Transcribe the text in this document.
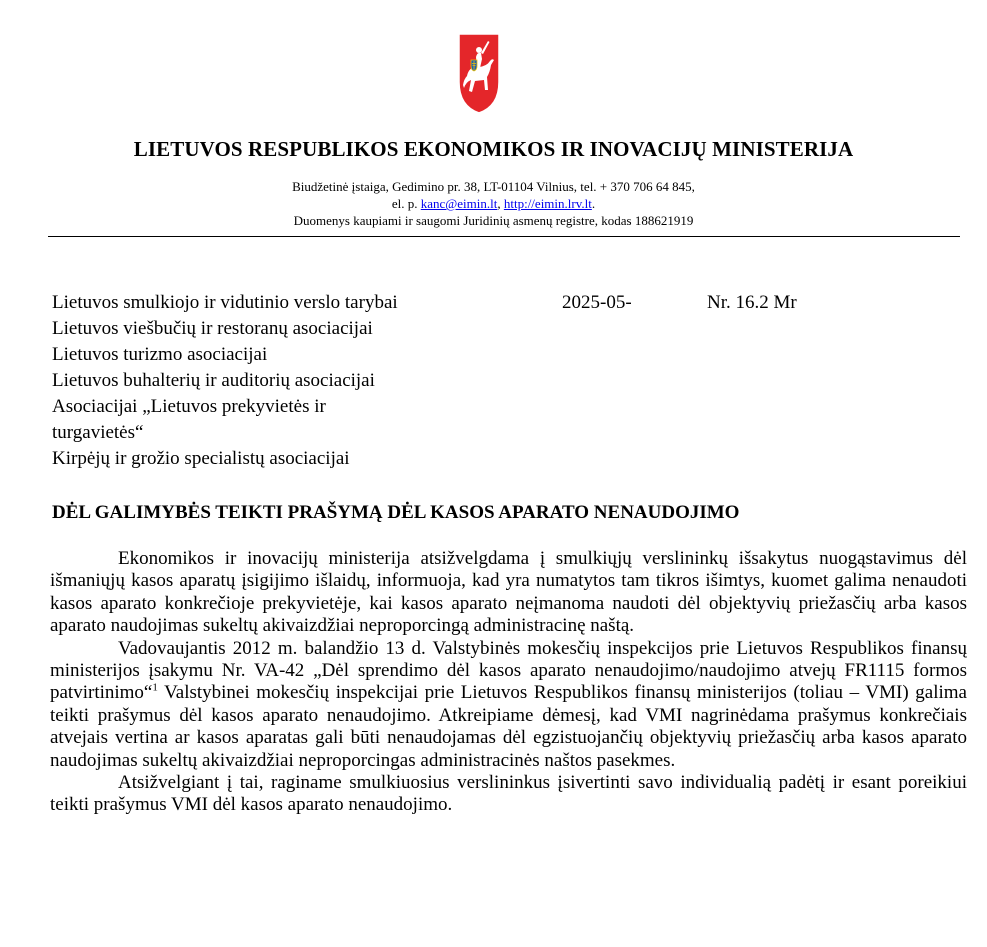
LIETUVOS RESPUBLIKOS EKONOMIKOS IR INOVACIJŲ MINISTERIJA
Biudžetinė įstaiga, Gedimino pr. 38, LT-01104 Vilnius, tel. + 370 706 64 845,
el. p. kanc@eimin.lt, http://eimin.lrv.lt.
Duomenys kaupiami ir saugomi Juridinių asmenų registre, kodas 188621919
Lietuvos smulkiojo ir vidutinio verslo tarybai
Lietuvos viešbučių ir restoranų asociacijai
Lietuvos turizmo asociacijai
Lietuvos buhalterių ir auditorių asociacijai
Asociacijai „Lietuvos prekyvietės ir
turgavietės“
Kirpėjų ir grožio specialistų asociacijai
2025-05-	Nr. 16.2 Mr
DĖL GALIMYBĖS TEIKTI PRAŠYMĄ DĖL KASOS APARATO NENAUDOJIMO

Ekonomikos ir inovacijų ministerija atsižvelgdama į smulkiųjų verslininkų išsakytus nuogąstavimus dėl išmaniųjų kasos aparatų įsigijimo išlaidų, informuoja, kad yra numatytos tam tikros išimtys, kuomet galima nenaudoti kasos aparato konkrečioje prekyvietėje, kai kasos aparato neįmanoma naudoti dėl objektyvių priežasčių arba kasos aparato naudojimas sukeltų akivaizdžiai neproporcingą administracinę naštą.

Vadovaujantis 2012 m. balandžio 13 d. Valstybinės mokesčių inspekcijos prie Lietuvos Respublikos finansų ministerijos įsakymu Nr. VA-42 „Dėl sprendimo dėl kasos aparato nenaudojimo/naudojimo atvejų FR1115 formos patvirtinimo“$^1$ Valstybinei mokesčių inspekcijai prie Lietuvos Respublikos finansų ministerijos (toliau – VMI) galima teikti prašymus dėl kasos aparato nenaudojimo. Atkreipiame dėmesį, kad VMI nagrinėdama prašymus konkrečiais atvejais vertina ar kasos aparatas gali būti nenaudojamas dėl egzistuojančių objektyvių priežasčių arba kasos aparato naudojimas sukeltų akivaizdžiai neproporcingas administracinės naštos pasekmes.

Atsižvelgiant į tai, raginame smulkiuosius verslininkus įsivertinti savo individualią padėtį ir esant poreikiui teikti prašymus VMI dėl kasos aparato nenaudojimo.
